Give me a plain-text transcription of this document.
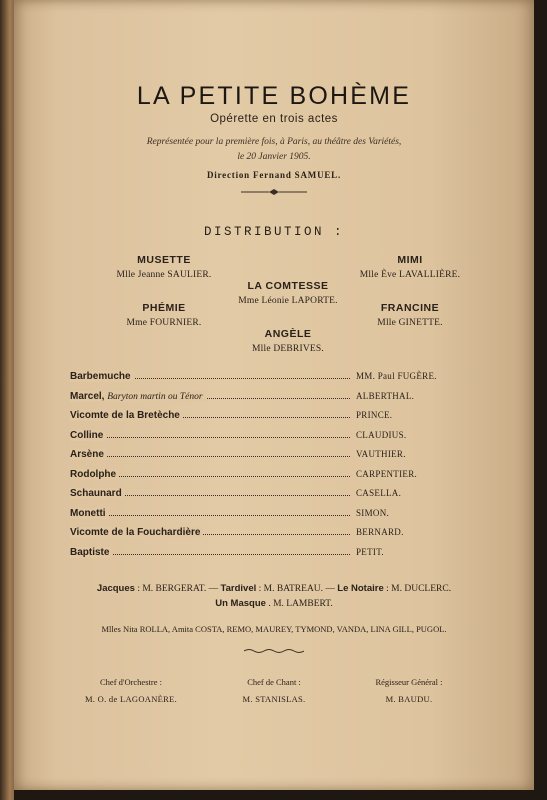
LA PETITE BOHÈME
Opérette en trois actes
Représentée pour la première fois, à Paris, au théâtre des Variétés,
le 20 Janvier 1905.
Direction Fernand SAMUEL.
DISTRIBUTION :
MUSETTE
Mlle Jeanne SAULIER.
MIMI
Mlle Ève LAVALLIÈRE.
LA COMTESSE
Mme Léonie LAPORTE.
PHÉMIE
Mme FOURNIER.
FRANCINE
Mlle GINETTE.
ANGÈLE
Mlle DEBRIVES.
Barbemuche	MM. Paul FUGÈRE.
Marcel, Baryton martin ou Ténor	ALBERTHAL.
Vicomte de la Bretèche	PRINCE.
Colline	CLAUDIUS.
Arsène	VAUTHIER.
Rodolphe	CARPENTIER.
Schaunard	CASELLA.
Monetti	SIMON.
Vicomte de la Fouchardière	BERNARD.
Baptiste	PETIT.
Jacques : M. BERGERAT. — Tardivel : M. BATREAU. — Le Notaire : M. DUCLERC.
Un Masque . M. LAMBERT.
Mlles Nita ROLLA, Amita COSTA, REMO, MAUREY, TYMOND, VANDA, LINA GILL, PUGOL.
Chef d'Orchestre :
M. O. de LAGOANÈRE.
Chef de Chant :
M. STANISLAS.
Régisseur Général :
M. BAUDU.
